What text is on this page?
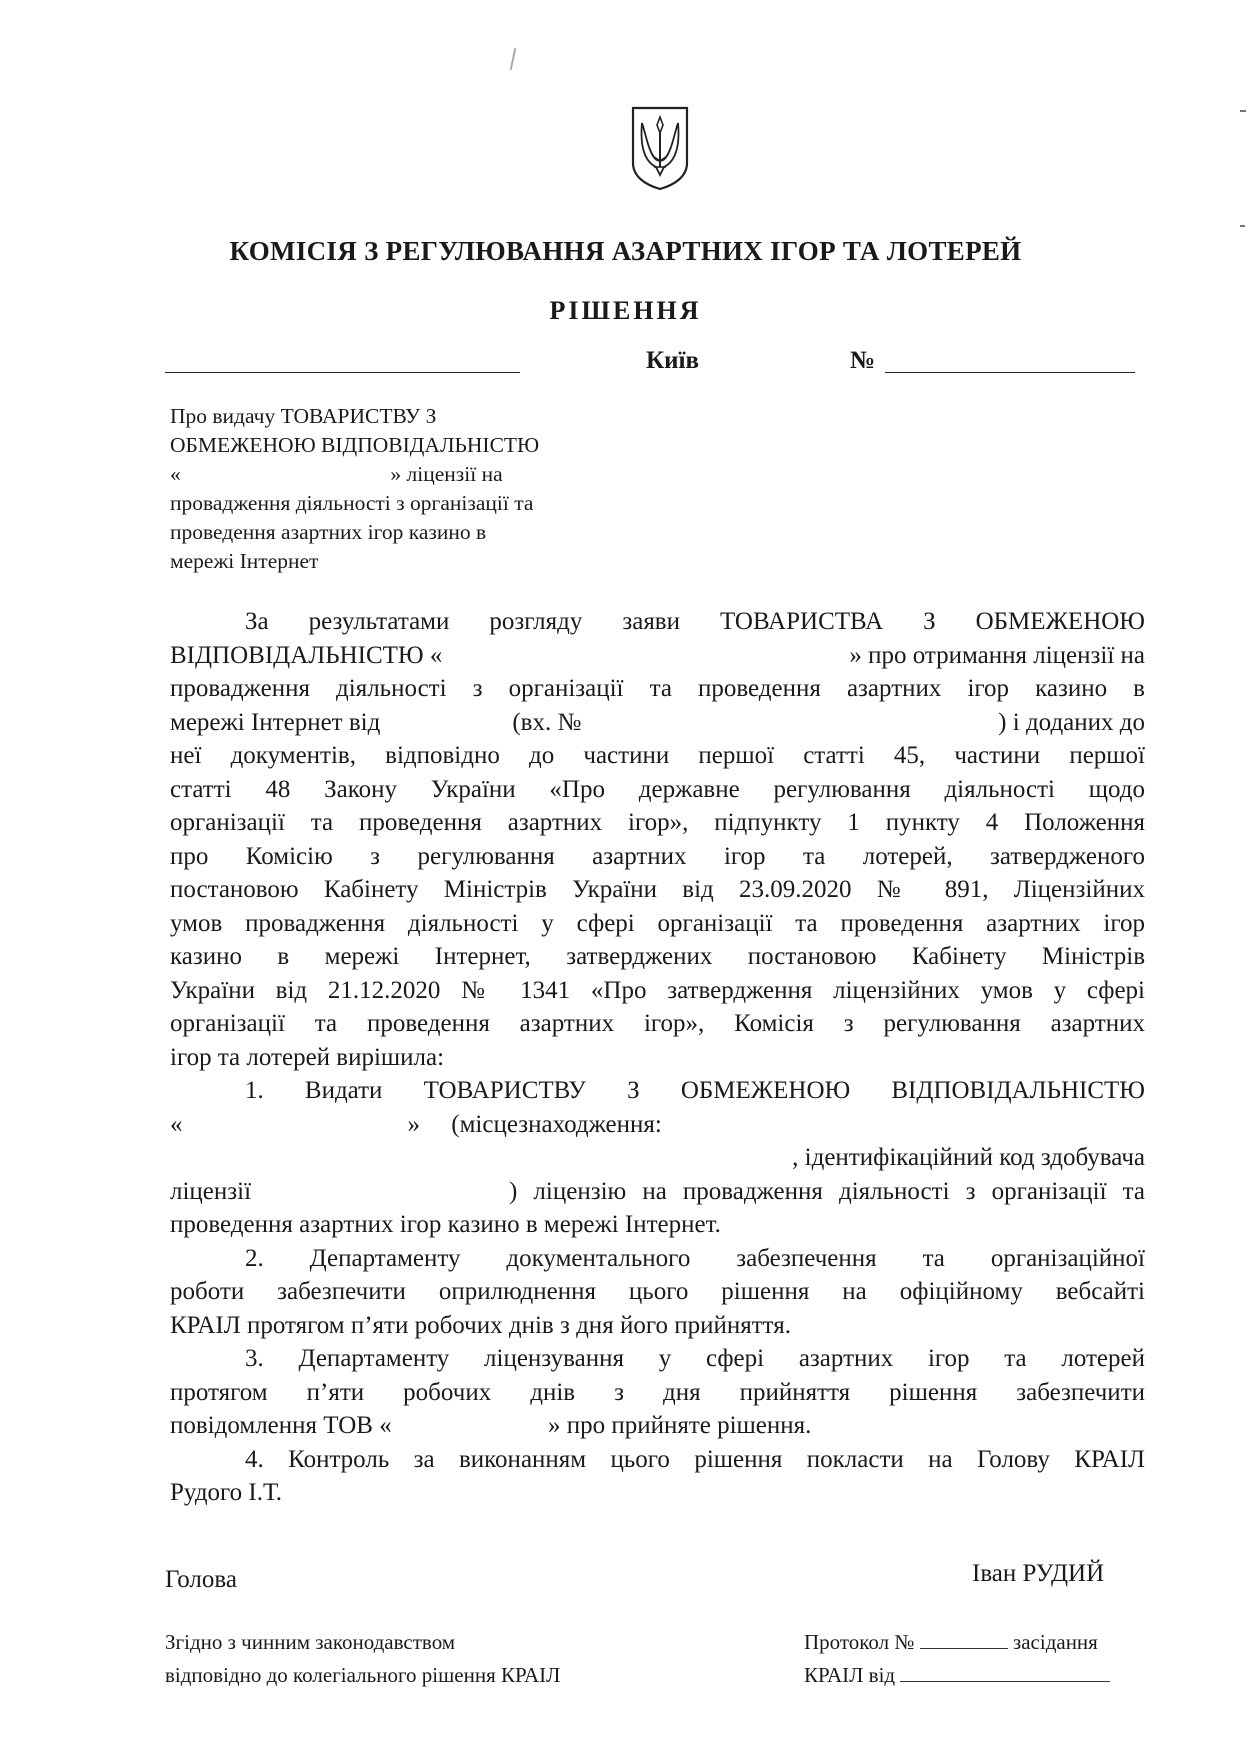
КОМІСІЯ З РЕГУЛЮВАННЯ АЗАРТНИХ ІГОР ТА ЛОТЕРЕЙ
РІШЕННЯ
Київ	№
Про видачу ТОВАРИСТВУ З
ОБМЕЖЕНОЮ ВІДПОВІДАЛЬНІСТЮ
«                                       » ліцензії на
провадження діяльності з організації та
проведення азартних ігор казино в
мережі Інтернет
За результатами розгляду заяви ТОВАРИСТВА З ОБМЕЖЕНОЮ
ВІДПОВІДАЛЬНІСТЮ «	» про отримання ліцензії на
провадження діяльності з організації та проведення азартних ігор казино в
мережі Інтернет від	(вх. №	) і доданих до
неї документів, відповідно до частини першої статті 45, частини першої
статті 48 Закону України «Про державне регулювання діяльності щодо
організації та проведення азартних ігор», підпункту 1 пункту 4 Положення
про Комісію з регулювання азартних ігор та лотерей, затвердженого
постановою Кабінету Міністрів України від 23.09.2020 № 891, Ліцензійних
умов провадження діяльності у сфері організації та проведення азартних ігор
казино в мережі Інтернет, затверджених постановою Кабінету Міністрів
України від 21.12.2020 № 1341 «Про затвердження ліцензійних умов у сфері
організації та проведення азартних ігор», Комісія з регулювання азартних
ігор та лотерей вирішила:
1. Видати ТОВАРИСТВУ З ОБМЕЖЕНОЮ ВІДПОВІДАЛЬНІСТЮ
«                                    »     (місцезнаходження:
, ідентифікаційний код здобувача
ліцензії                ) ліцензію на провадження діяльності з організації та
проведення азартних ігор казино в мережі Інтернет.
2. Департаменту документального забезпечення та організаційної
роботи забезпечити оприлюднення цього рішення на офіційному вебсайті
КРАІЛ протягом п’яти робочих днів з дня його прийняття.
3. Департаменту ліцензування у сфері азартних ігор та лотерей
протягом п’яти робочих днів з дня прийняття рішення забезпечити
повідомлення ТОВ «                         » про прийняте рішення.
4. Контроль за виконанням цього рішення покласти на Голову КРАІЛ
Рудого І.Т.
Голова	Іван РУДИЙ
Згідно з чинним законодавством
відповідно до колегіального рішення КРАІЛ
Протокол №	засідання
КРАІЛ від
